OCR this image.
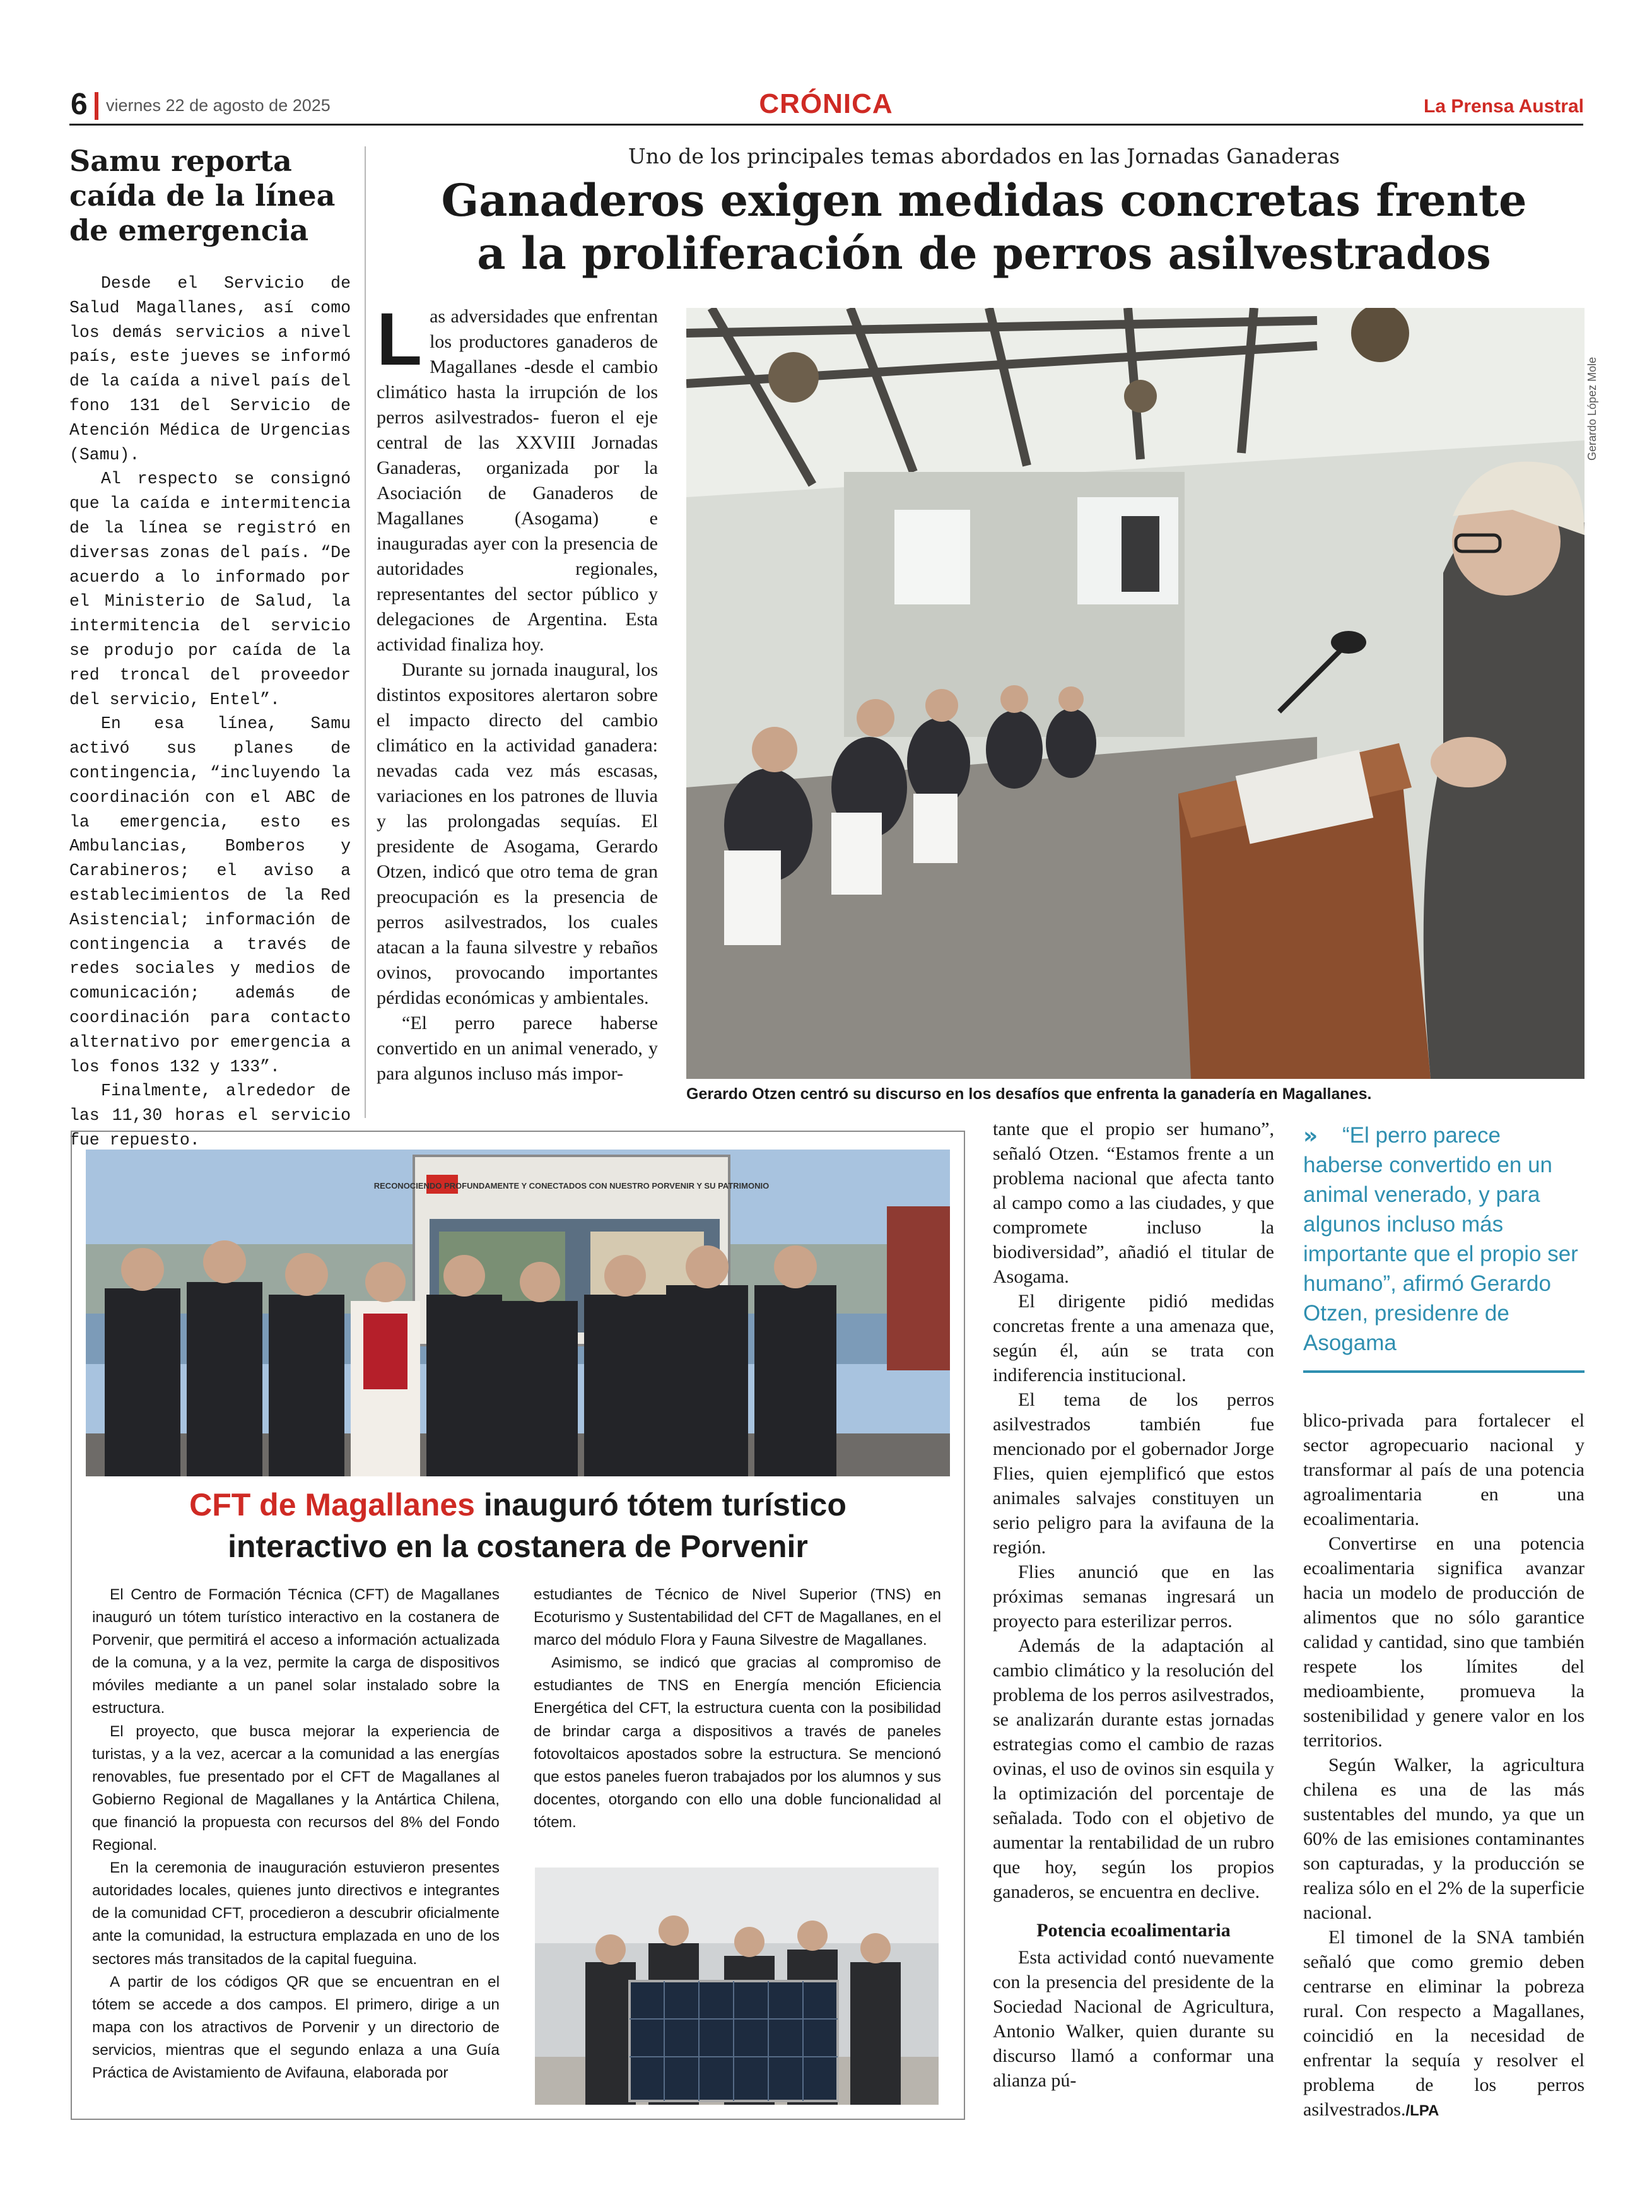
6 viernes 22 de agosto de 2025	CRÓNICA	La Prensa Austral
Samu reporta caída de la línea de emergencia

Desde el Servicio de Salud Magallanes, así como los demás servicios a nivel país, este jueves se informó de la caída a nivel país del fono 131 del Servicio de Atención Médica de Urgencias (Samu).

Al respecto se consignó que la caída e intermitencia de la línea se registró en diversas zonas del país. “De acuerdo a lo informado por el Ministerio de Salud, la intermitencia del servicio se produjo por caída de la red troncal del proveedor del servicio, Entel”.

En esa línea, Samu activó sus planes de contingencia, “incluyendo la coordinación con el ABC de la emergencia, esto es Ambulancias, Bomberos y Carabineros; el aviso a establecimientos de la Red Asistencial; información de contingencia a través de redes sociales y medios de comunicación; además de coordinación para contacto alternativo por emergencia a los fonos 132 y 133”.

Finalmente, alrededor de las 11,30 horas el servicio fue repuesto.

Uno de los principales temas abordados en las Jornadas Ganaderas
Ganaderos exigen medidas concretas frente
a la proliferación de perros asilvestrados

Las adversidades que enfrentan los productores ganaderos de Magallanes -desde el cambio climático hasta la irrupción de los perros asilvestrados- fueron el eje central de las XXVIII Jornadas Ganaderas, organizada por la Asociación de Ganaderos de Magallanes (Asogama) e inauguradas ayer con la presencia de autoridades regionales, representantes del sector público y delegaciones de Argentina. Esta actividad finaliza hoy.

Durante su jornada inaugural, los distintos expositores alertaron sobre el impacto directo del cambio climático en la actividad ganadera: nevadas cada vez más escasas, variaciones en los patrones de lluvia y las prolongadas sequías. El presidente de Asogama, Gerardo Otzen, indicó que otro tema de gran preocupación es la presencia de perros asilvestrados, los cuales atacan a la fauna silvestre y rebaños ovinos, provocando importantes pérdidas económicas y ambientales.

“El perro parece haberse convertido en un animal venerado, y para algunos incluso más impor-

Gerardo López Mole
Gerardo Otzen centró su discurso en los desafíos que enfrenta la ganadería en Magallanes.
RECONOCIENDO PROFUNDAMENTE Y CONECTADOS CON NUESTRO PORVENIR Y SU PATRIMONIO
CFT de Magallanes inauguró tótem turístico
interactivo en la costanera de Porvenir

El Centro de Formación Técnica (CFT) de Magallanes inauguró un tótem turístico interactivo en la costanera de Porvenir, que permitirá el acceso a información actualizada de la comuna, y a la vez, permite la carga de dispositivos móviles mediante a un panel solar instalado sobre la estructura.

El proyecto, que busca mejorar la experiencia de turistas, y a la vez, acercar a la comunidad a las energías renovables, fue presentado por el CFT de Magallanes al Gobierno Regional de Magallanes y la Antártica Chilena, que financió la propuesta con recursos del 8% del Fondo Regional.

En la ceremonia de inauguración estuvieron presentes autoridades locales, quienes junto directivos e integrantes de la comunidad CFT, procedieron a descubrir oficialmente ante la comunidad, la estructura emplazada en uno de los sectores más transitados de la capital fueguina.

A partir de los códigos QR que se encuentran en el tótem se accede a dos campos. El primero, dirige a un mapa con los atractivos de Porvenir y un directorio de servicios, mientras que el segundo enlaza a una Guía Práctica de Avistamiento de Avifauna, elaborada por

estudiantes de Técnico de Nivel Superior (TNS) en Ecoturismo y Sustentabilidad del CFT de Magallanes, en el marco del módulo Flora y Fauna Silvestre de Magallanes.

Asimismo, se indicó que gracias al compromiso de estudiantes de TNS en Energía mención Eficiencia Energética del CFT, la estructura cuenta con la posibilidad de brindar carga a dispositivos a través de paneles fotovoltaicos apostados sobre la estructura. Se mencionó que estos paneles fueron trabajados por los alumnos y sus docentes, otorgando con ello una doble funcionalidad al tótem.

tante que el propio ser humano”, señaló Otzen. “Estamos frente a un problema nacional que afecta tanto al campo como a las ciudades, y que compromete incluso la biodiversidad”, añadió el titular de Asogama.

El dirigente pidió medidas concretas frente a una amenaza que, según él, aún se trata con indiferencia institucional.

El tema de los perros asilvestrados también fue mencionado por el gobernador Jorge Flies, quien ejemplificó que estos animales salvajes constituyen un serio peligro para la avifauna de la región.

Flies anunció que en las próximas semanas ingresará un proyecto para esterilizar perros.

Además de la adaptación al cambio climático y la resolución del problema de los perros asilvestrados, se analizarán durante estas jornadas estrategias como el cambio de razas ovinas, el uso de ovinos sin esquila y la optimización del porcentaje de señalada. Todo con el objetivo de aumentar la rentabilidad de un rubro que hoy, según los propios ganaderos, se encuentra en declive.

Potencia ecoalimentaria

Esta actividad contó nuevamente con la presencia del presidente de la Sociedad Nacional de Agricultura, Antonio Walker, quien durante su discurso llamó a conformar una alianza pú-

»	“El perro parece haberse convertido en un animal venerado, y para algunos incluso más importante que el propio ser humano”, afirmó Gerardo Otzen, presidenre de Asogama

blico-privada para fortalecer el sector agropecuario nacional y transformar al país de una potencia agroalimentaria en una ecoalimentaria.

Convertirse en una potencia ecoalimentaria significa avanzar hacia un modelo de producción de alimentos que no sólo garantice calidad y cantidad, sino que también respete los límites del medioambiente, promueva la sostenibilidad y genere valor en los territorios.

Según Walker, la agricultura chilena es una de las más sustentables del mundo, ya que un 60% de las emisiones contaminantes son capturadas, y la producción se realiza sólo en el 2% de la superficie nacional.

El timonel de la SNA también señaló que como gremio deben centrarse en eliminar la pobreza rural. Con respecto a Magallanes, coincidió en la necesidad de enfrentar la sequía y resolver el problema de los perros asilvestrados./LPA
